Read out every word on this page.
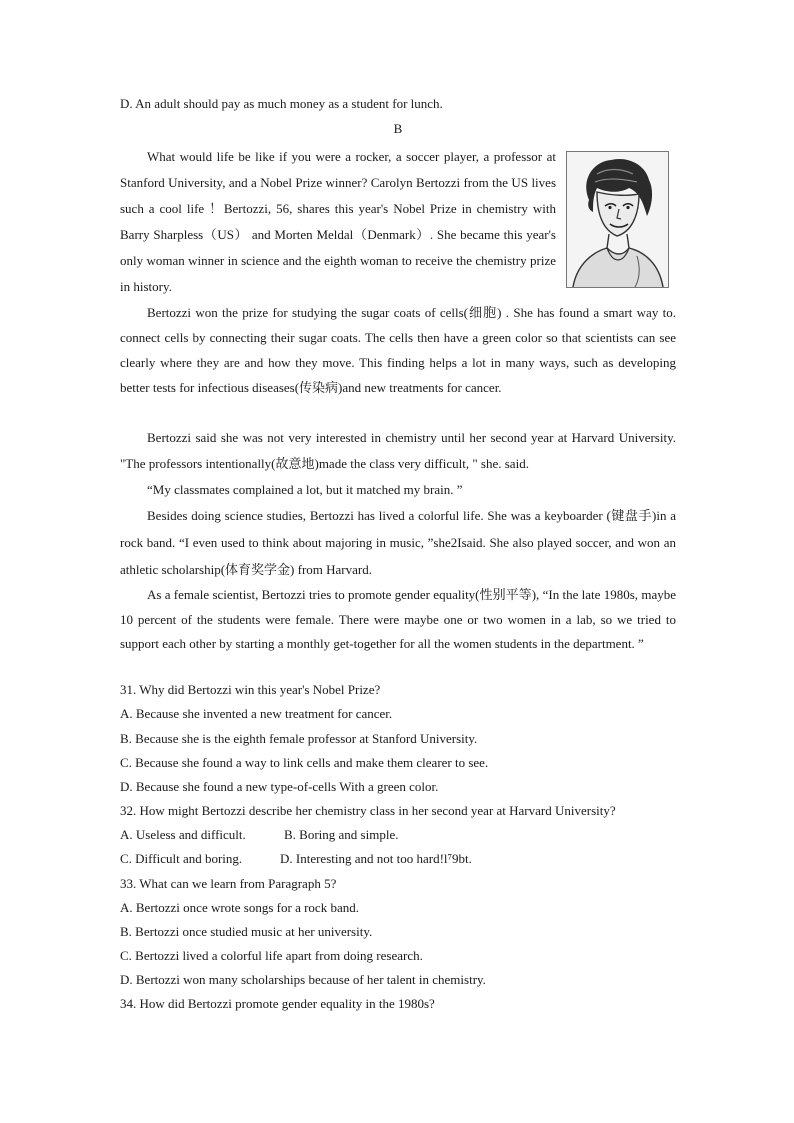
D. An adult should pay as much money as a student for lunch.
B
What would life be like if you were a rocker, a soccer player, a professor at Stanford University, and a Nobel Prize winner? Carolyn Bertozzi from the US lives such a cool life ！Bertozzi, 56, shares this year's Nobel Prize in chemistry with Barry Sharpless（US） and Morten Meldal（Denmark）. She became this year's only woman winner in science and the eighth woman to receive the chemistry prize in history.
Bertozzi won the prize for studying the sugar coats of cells(细胞) . She has found a smart way to. connect cells by connecting their sugar coats. The cells then have a green color so that scientists can see clearly where they are and how they move. This finding helps a lot in many ways, such as developing better tests for infectious diseases(传染病)and new treatments for cancer.
Bertozzi said she was not very interested in chemistry until her second year at Harvard University. "The professors intentionally(故意地)made the class very difficult, " she. said.
“My classmates complained a lot, but it matched my brain. ”
Besides doing science studies, Bertozzi has lived a colorful life. She was a keyboarder (键盘手)in a rock band. “I even used to think about majoring in music, ”she2Isaid. She also played soccer, and won an athletic scholarship(体育奖学金) from Harvard.
As a female scientist, Bertozzi tries to promote gender equality(性别平等), “In the late 1980s, maybe 10 percent of the students were female. There were maybe one or two women in a lab, so we tried to support each other by starting a monthly get-together for all the women students in the department. ”
31. Why did Bertozzi win this year's Nobel Prize?
A. Because she invented a new treatment for cancer.
B. Because she is the eighth female professor at Stanford University.
C. Because she found a way to link cells and make them clearer to see.
D. Because she found a new type-of-cells With a green color.
32. How might Bertozzi describe her chemistry class in her second year at Harvard University?
A. Useless and difficult.	B. Boring and simple.
C. Difficult and boring.	D. Interesting and not too hard!l⁷9bt.
33. What can we learn from Paragraph 5?
A. Bertozzi once wrote songs for a rock band.
B. Bertozzi once studied music at her university.
C. Bertozzi lived a colorful life apart from doing research.
D. Bertozzi won many scholarships because of her talent in chemistry.
34. How did Bertozzi promote gender equality in the 1980s?
